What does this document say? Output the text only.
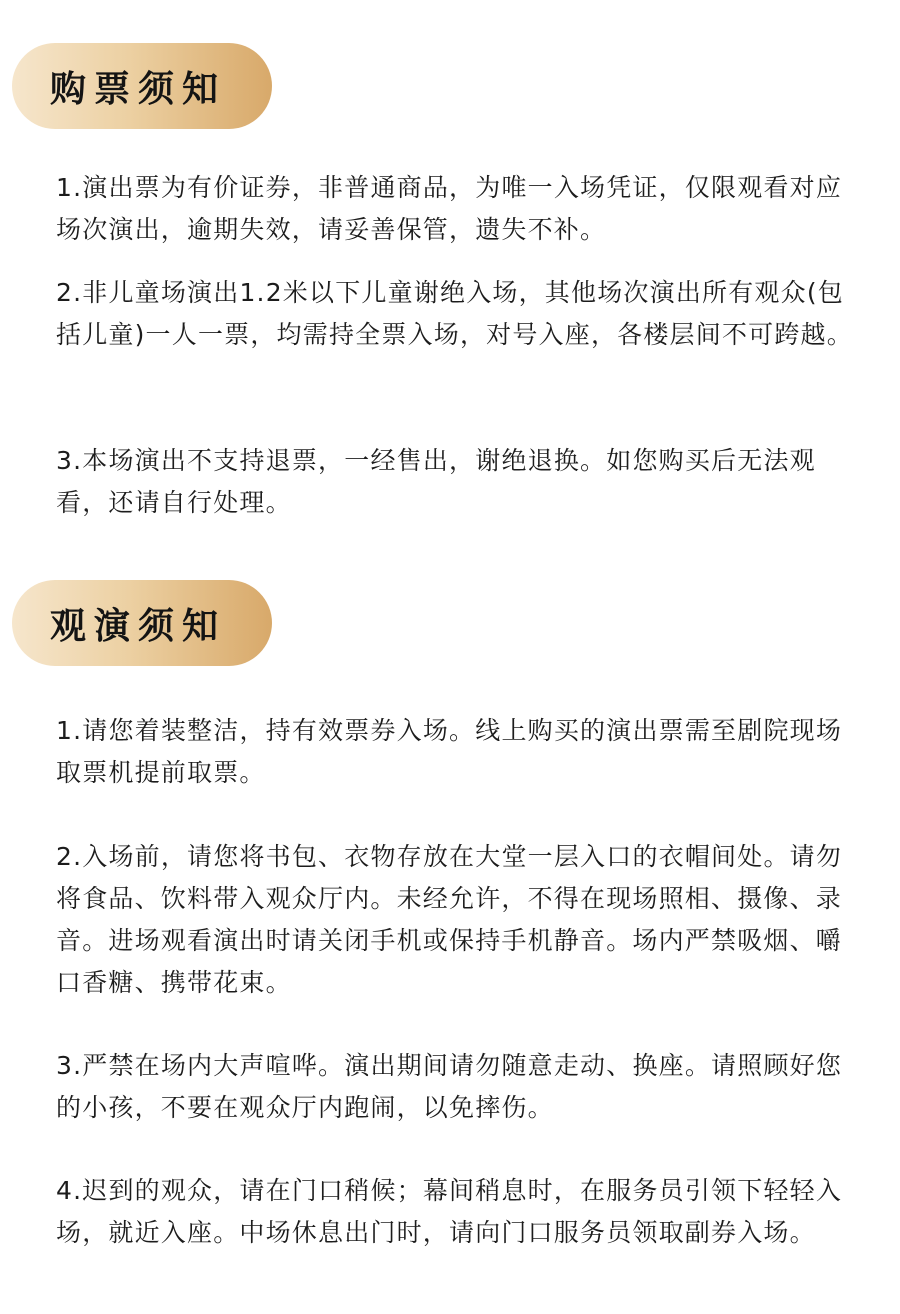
购票须知

1.演出票为有价证券，非普通商品，为唯一入场凭证，仅限观看对应场次演出，逾期失效，请妥善保管，遗失不补。

2.非儿童场演出1.2米以下儿童谢绝入场，其他场次演出所有观众(包括儿童)一人一票，均需持全票入场，对号入座，各楼层间不可跨越。

3.本场演出不支持退票，一经售出，谢绝退换。如您购买后无法观看，还请自行处理。

观演须知

1.请您着装整洁，持有效票券入场。线上购买的演出票需至剧院现场取票机提前取票。

2.入场前，请您将书包、衣物存放在大堂一层入口的衣帽间处。请勿将食品、饮料带入观众厅内。未经允许，不得在现场照相、摄像、录音。进场观看演出时请关闭手机或保持手机静音。场内严禁吸烟、嚼口香糖、携带花束。

3.严禁在场内大声喧哗。演出期间请勿随意走动、换座。请照顾好您的小孩，不要在观众厅内跑闹，以免摔伤。

4.迟到的观众，请在门口稍候；幕间稍息时，在服务员引领下轻轻入场，就近入座。中场休息出门时，请向门口服务员领取副券入场。
